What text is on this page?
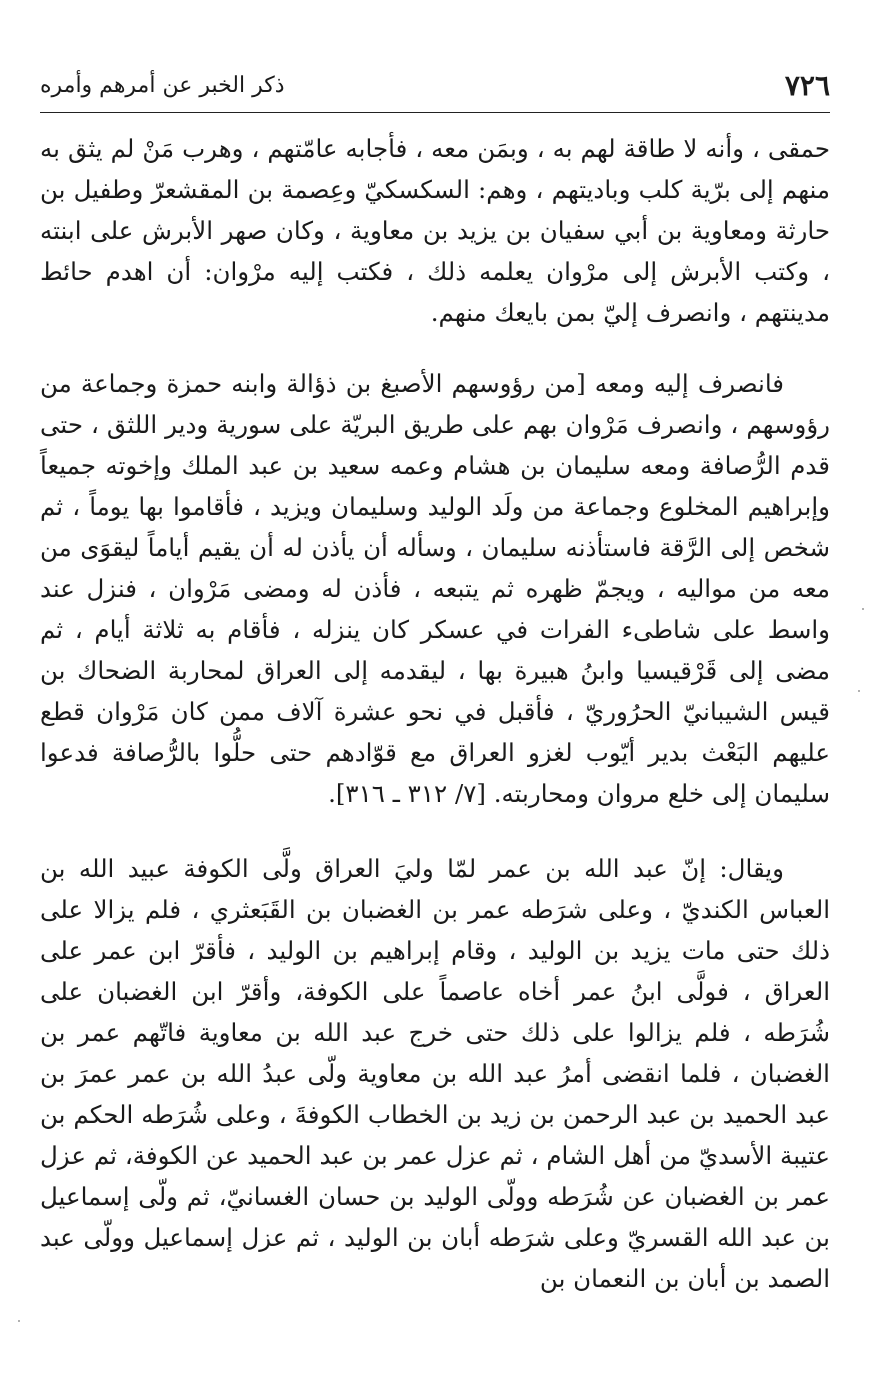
٧٢٦
ذكر الخبر عن أمرهم وأمره

حمقى ، وأنه لا طاقة لهم به ، وبمَن معه ، فأجابه عامّتهم ، وهرب مَنْ لم يثق به منهم إلى برّية كلب وباديتهم ، وهم: السكسكيّ وعِصمة بن المقشعرّ وطفيل بن حارثة ومعاوية بن أبي سفيان بن يزيد بن معاوية ، وكان صهر الأبرش على ابنته ، وكتب الأبرش إلى مرْوان يعلمه ذلك ، فكتب إليه مرْوان: أن اهدم حائط مدينتهم ، وانصرف إليّ بمن بايعك منهم.

فانصرف إليه ومعه [من رؤوسهم الأصبغ بن ذؤالة وابنه حمزة وجماعة من رؤوسهم ، وانصرف مَرْوان بهم على طريق البريّة على سورية ودير اللثق ، حتى قدم الرُّصافة ومعه سليمان بن هشام وعمه سعيد بن عبد الملك وإخوته جميعاً وإبراهيم المخلوع وجماعة من ولَد الوليد وسليمان ويزيد ، فأقاموا بها يوماً ، ثم شخص إلى الرَّقة فاستأذنه سليمان ، وسأله أن يأذن له أن يقيم أياماً ليقوَى من معه من مواليه ، ويجمّ ظهره ثم يتبعه ، فأذن له ومضى مَرْوان ، فنزل عند واسط على شاطىء الفرات في عسكر كان ينزله ، فأقام به ثلاثة أيام ، ثم مضى إلى قَرْقيسيا وابنُ هبيرة بها ، ليقدمه إلى العراق لمحاربة الضحاك بن قيس الشيبانيّ الحرُوريّ ، فأقبل في نحو عشرة آلاف ممن كان مَرْوان قطع عليهم البَعْث بدير أيّوب لغزو العراق مع قوّادهم حتى حلُّوا بالرُّصافة فدعوا سليمان إلى خلع مروان ومحاربته. [٧/ ٣١٢ ـ ٣١٦].

ويقال: إنّ عبد الله بن عمر لمّا وليَ العراق ولَّى الكوفة عبيد الله بن العباس الكنديّ ، وعلى شرَطه عمر بن الغضبان بن القَبَعثري ، فلم يزالا على ذلك حتى مات يزيد بن الوليد ، وقام إبراهيم بن الوليد ، فأقرّ ابن عمر على العراق ، فولَّى ابنُ عمر أخاه عاصماً على الكوفة، وأقرّ ابن الغضبان على شُرَطه ، فلم يزالوا على ذلك حتى خرج عبد الله بن معاوية فاتّهم عمر بن الغضبان ، فلما انقضى أمرُ عبد الله بن معاوية ولّى عبدُ الله بن عمر عمرَ بن عبد الحميد بن عبد الرحمن بن زيد بن الخطاب الكوفةَ ، وعلى شُرَطه الحكم بن عتيبة الأسديّ من أهل الشام ، ثم عزل عمر بن عبد الحميد عن الكوفة، ثم عزل عمر بن الغضبان عن شُرَطه وولّى الوليد بن حسان الغسانيّ، ثم ولّى إسماعيل بن عبد الله القسريّ وعلى شرَطه أبان بن الوليد ، ثم عزل إسماعيل وولّى عبد الصمد بن أبان بن النعمان بن
